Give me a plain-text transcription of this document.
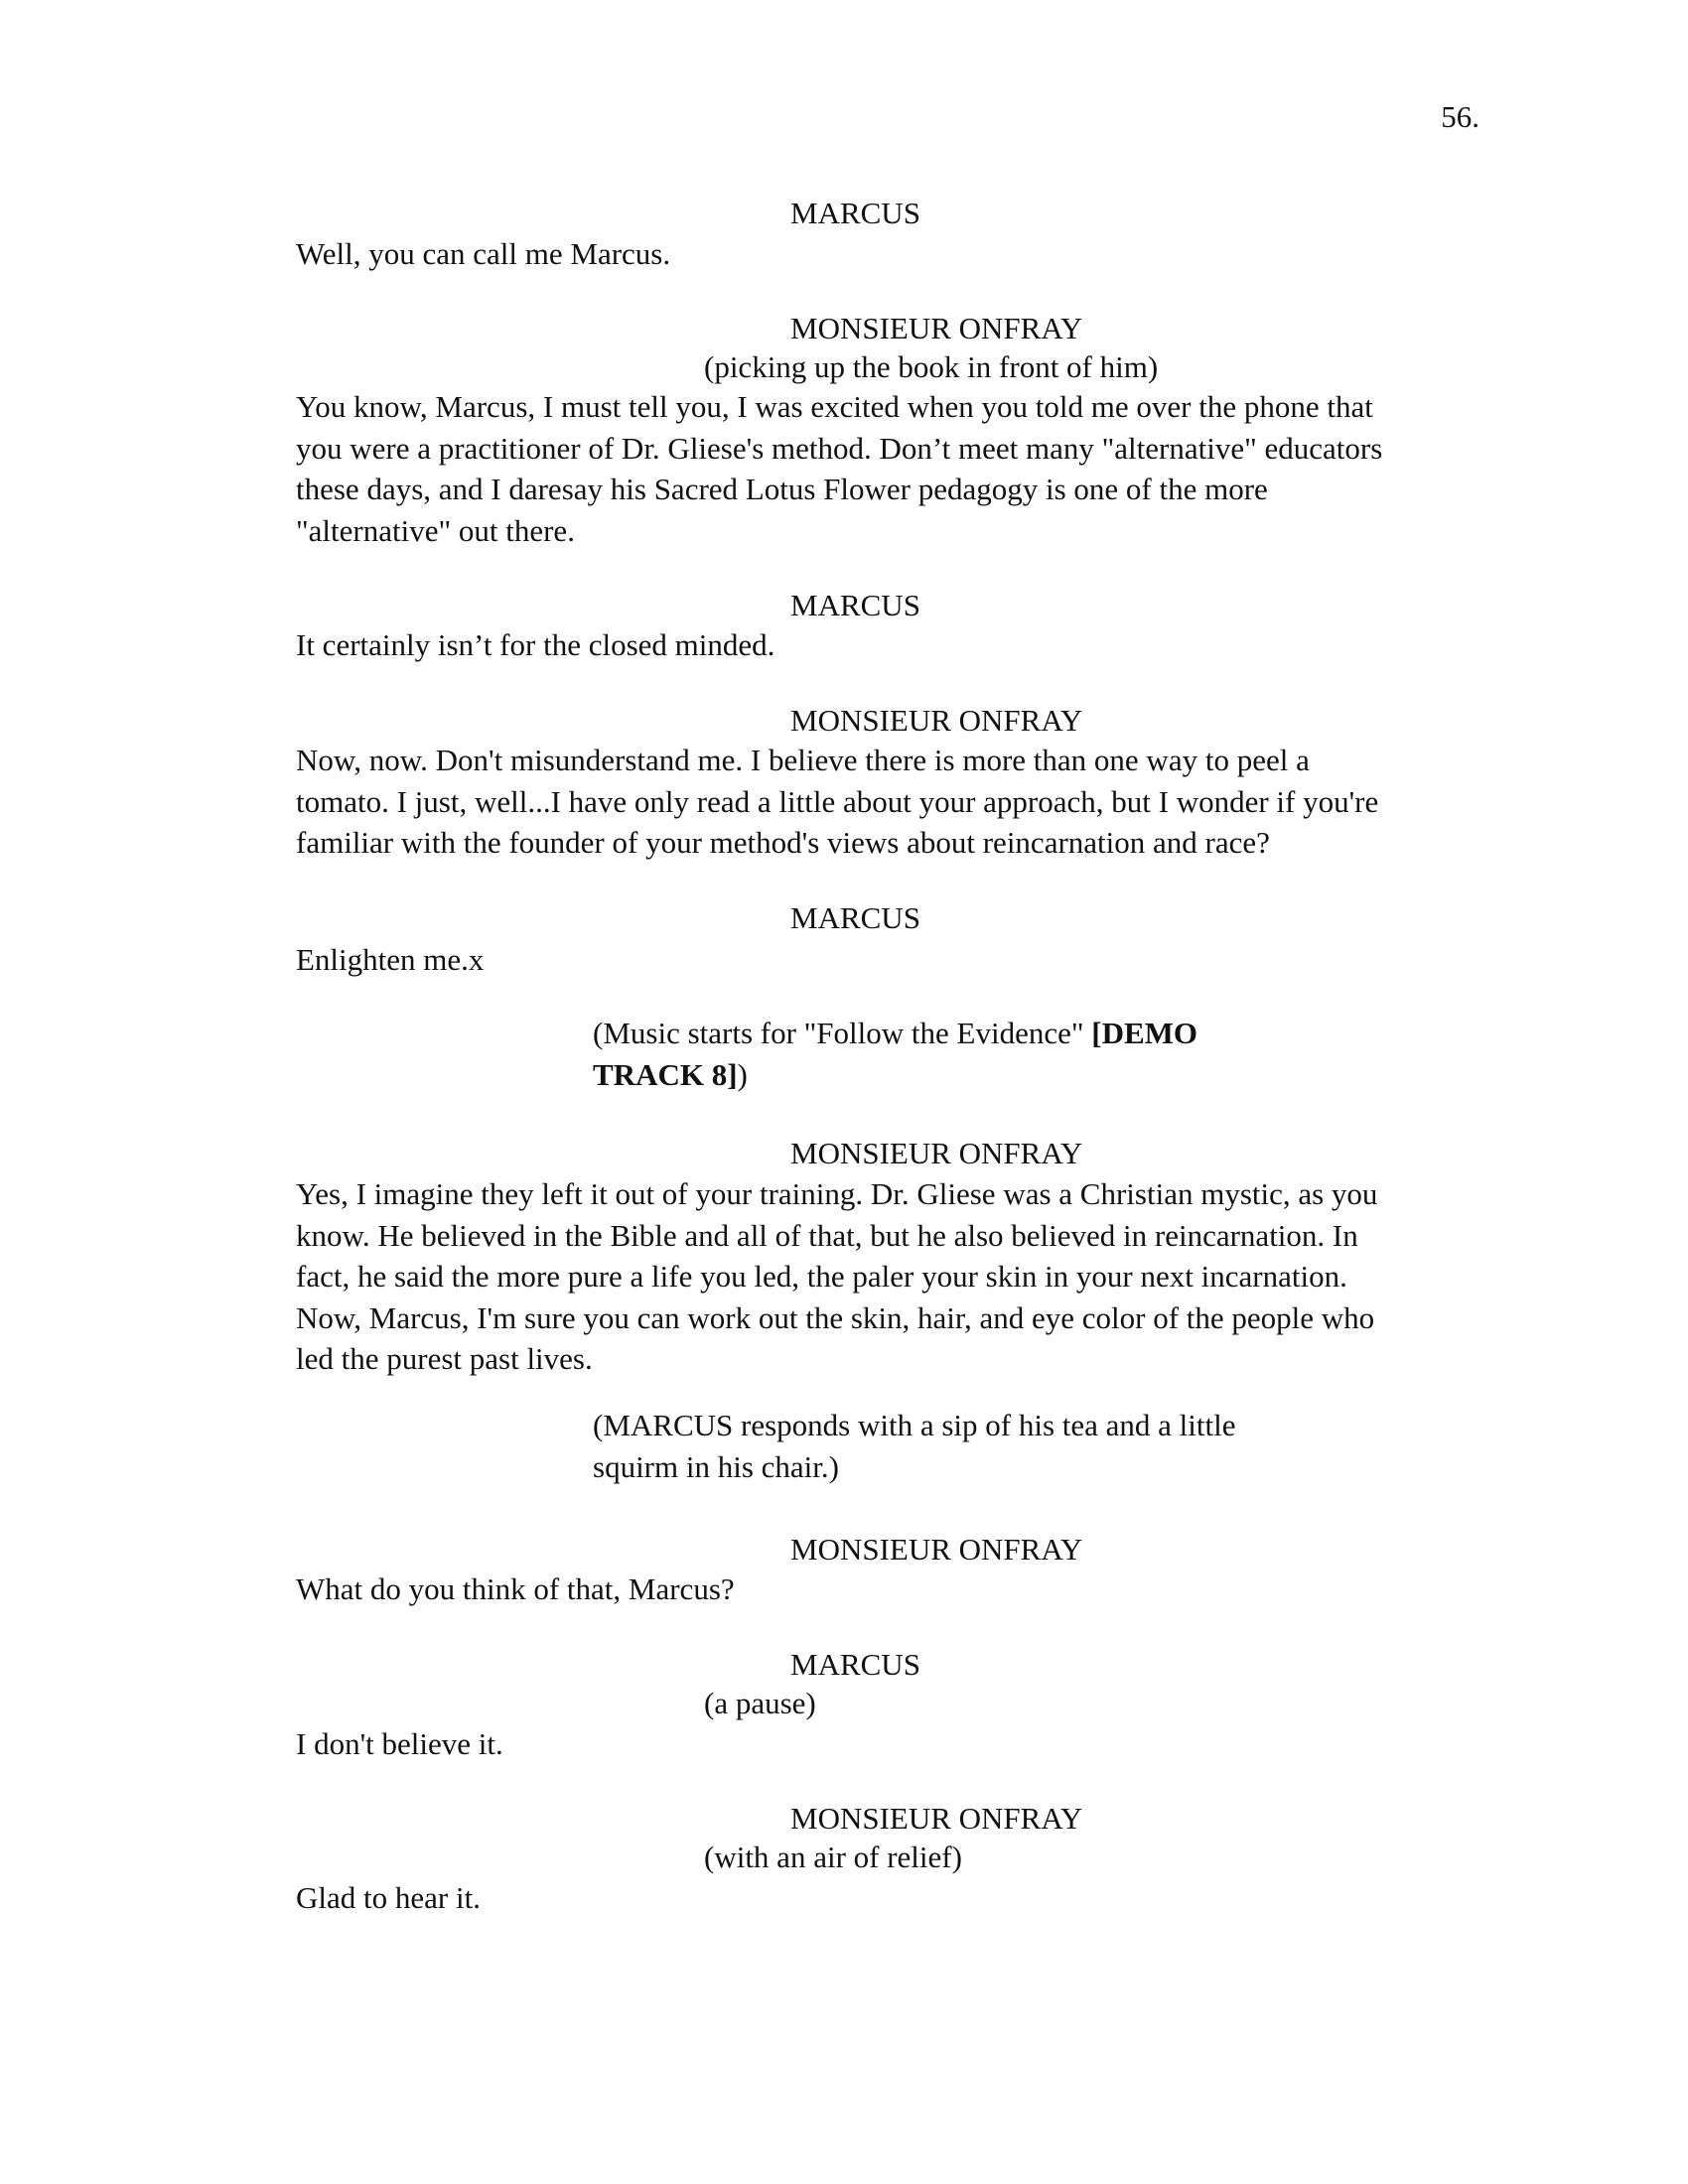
56.
MARCUS
Well, you can call me Marcus.
MONSIEUR ONFRAY
(picking up the book in front of him)
You know, Marcus, I must tell you, I was excited when you told me over the phone that
you were a practitioner of Dr. Gliese's method. Don’t meet many "alternative" educators
these days, and I daresay his Sacred Lotus Flower pedagogy is one of the more
"alternative" out there.
MARCUS
It certainly isn’t for the closed minded.
MONSIEUR ONFRAY
Now, now. Don't misunderstand me. I believe there is more than one way to peel a
tomato. I just, well...I have only read a little about your approach, but I wonder if you're
familiar with the founder of your method's views about reincarnation and race?
MARCUS
Enlighten me.x
(Music starts for "Follow the Evidence" [DEMO
TRACK 8])
MONSIEUR ONFRAY
Yes, I imagine they left it out of your training. Dr. Gliese was a Christian mystic, as you
know. He believed in the Bible and all of that, but he also believed in reincarnation. In
fact, he said the more pure a life you led, the paler your skin in your next incarnation.
Now, Marcus, I'm sure you can work out the skin, hair, and eye color of the people who
led the purest past lives.
(MARCUS responds with a sip of his tea and a little
squirm in his chair.)
MONSIEUR ONFRAY
What do you think of that, Marcus?
MARCUS
(a pause)
I don't believe it.
MONSIEUR ONFRAY
(with an air of relief)
Glad to hear it.
